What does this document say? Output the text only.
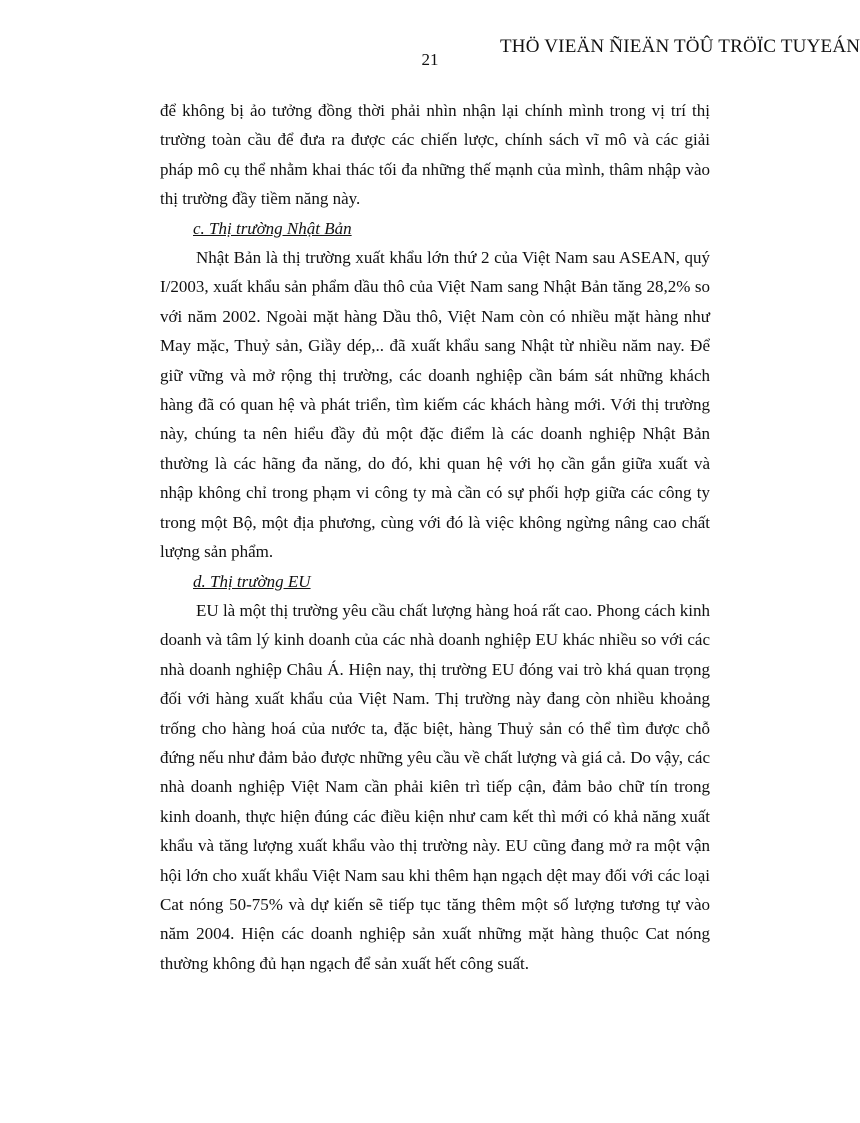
THÖ VIEÄN ÑIEÄN TÖÛ TRÖÏC TUYEÁN
21

để không bị ảo tưởng đồng thời phải nhìn nhận lại chính mình trong vị trí thị trường toàn cầu để đưa ra được các chiến lược, chính sách vĩ mô và các giải pháp mô cụ thể nhằm khai thác tối đa những thế mạnh của mình, thâm nhập vào thị trường đầy tiềm năng này.

c. Thị trường Nhật Bản

Nhật Bản là thị trường xuất khẩu lớn thứ 2 của Việt Nam sau ASEAN, quý I/2003, xuất khẩu sản phẩm dầu thô của Việt Nam sang Nhật Bản tăng 28,2% so với năm 2002. Ngoài mặt hàng Dầu thô, Việt Nam còn có nhiều mặt hàng như May mặc, Thuỷ sản, Giầy dép,.. đã xuất khẩu sang Nhật từ nhiều năm nay. Để giữ vững và mở rộng thị trường, các doanh nghiệp cần bám sát những khách hàng đã có quan hệ và phát triển, tìm kiếm các khách hàng mới. Với thị trường này, chúng ta nên hiểu đầy đủ một đặc điểm là các doanh nghiệp Nhật Bản thường là các hãng đa năng, do đó, khi quan hệ với họ cần gắn giữa xuất và nhập không chỉ trong phạm vi công ty mà cần có sự phối hợp giữa các công ty trong một Bộ, một địa phương, cùng với đó là việc không ngừng nâng cao chất lượng sản phẩm.

d. Thị trường EU

EU là một thị trường yêu cầu chất lượng hàng hoá rất cao. Phong cách kinh doanh và tâm lý kinh doanh của các nhà doanh nghiệp EU khác nhiều so với các nhà doanh nghiệp Châu Á. Hiện nay, thị trường EU đóng vai trò khá quan trọng đối với hàng xuất khẩu của Việt Nam. Thị trường này đang còn nhiều khoảng trống cho hàng hoá của nước ta, đặc biệt, hàng Thuỷ sản có thể tìm được chỗ đứng nếu như đảm bảo được những yêu cầu về chất lượng và giá cả. Do vậy, các nhà doanh nghiệp Việt Nam cần phải kiên trì tiếp cận, đảm bảo chữ tín trong kinh doanh, thực hiện đúng các điều kiện như cam kết thì mới có khả năng xuất khẩu và tăng lượng xuất khẩu vào thị trường này. EU cũng đang mở ra một vận hội lớn cho xuất khẩu Việt Nam sau khi thêm hạn ngạch dệt may đối với các loại Cat nóng 50-75% và dự kiến sẽ tiếp tục tăng thêm một số lượng tương tự vào năm 2004. Hiện các doanh nghiệp sản xuất những mặt hàng thuộc Cat nóng thường không đủ hạn ngạch để sản xuất hết công suất.
